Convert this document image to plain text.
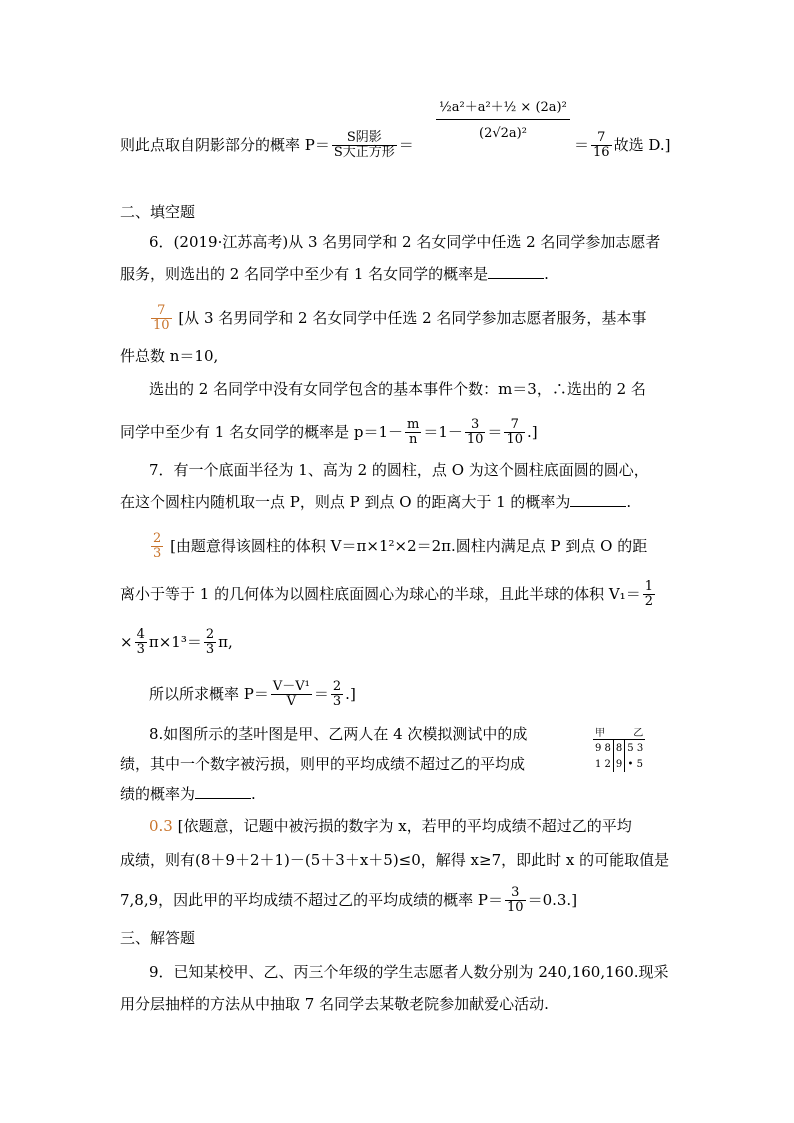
则此点取自阴影部分的概率 $P= \frac{\text{S阴影}}{\text{S大正方形}}$ ＝
$\frac{\text{½a²＋a²＋½ × (2a)²}}{\text{(2√2a)²}}$
＝ $\frac{7}{16}$ 故选 D.]
二、填空题
6．(2019·江苏高考)从 3 名男同学和 2 名女同学中任选 2 名同学参加志愿者
服务，则选出的 2 名同学中至少有 1 名女同学的概率是	.
$\frac{7}{10}$ [从 3 名男同学和 2 名女同学中任选 2 名同学参加志愿者服务，基本事
件总数 n＝10,
选出的 2 名同学中没有女同学包含的基本事件个数：m＝3，∴选出的 2 名
同学中至少有 1 名女同学的概率是 $p=1- \frac{m}{n} =1- \frac{3}{10} = \frac{7}{10}$ .]
7．有一个底面半径为 1、高为 2 的圆柱，点 O 为这个圆柱底面圆的圆心，
在这个圆柱内随机取一点 P，则点 P 到点 O 的距离大于 1 的概率为	.
$\frac{2}{3}$ [由题意得该圆柱的体积 V＝π×1²×2＝2π.圆柱内满足点 P 到点 O 的距
离小于等于 1 的几何体为以圆柱底面圆心为球心的半球，且此半球的体积 $V_1= \frac{1}{2}$
× $\frac{4}{3} \pi\times 1^3= \frac{2}{3} \pi$,
所以所求概率 $P= \frac{\text{V－V¹}}{V} = \frac{2}{3}$ .]
8.如图所示的茎叶图是甲、乙两人在 4 次模拟测试中的成
绩，其中一个数字被污损，则甲的平均成绩不超过乙的平均成
绩的概率为	.
甲		乙
9 8	8	5 3
1 2	9	• 5
0.3 [依题意，记题中被污损的数字为 x，若甲的平均成绩不超过乙的平均
成绩，则有(8＋9＋2＋1)－(5＋3＋x＋5)≤0，解得 x≥7，即此时 x 的可能取值是
7,8,9，因此甲的平均成绩不超过乙的平均成绩的概率 $P= \frac{3}{10} =0.3$.]
三、解答题
9．已知某校甲、乙、丙三个年级的学生志愿者人数分别为 240,160,160.现采
用分层抽样的方法从中抽取 7 名同学去某敬老院参加献爱心活动.
